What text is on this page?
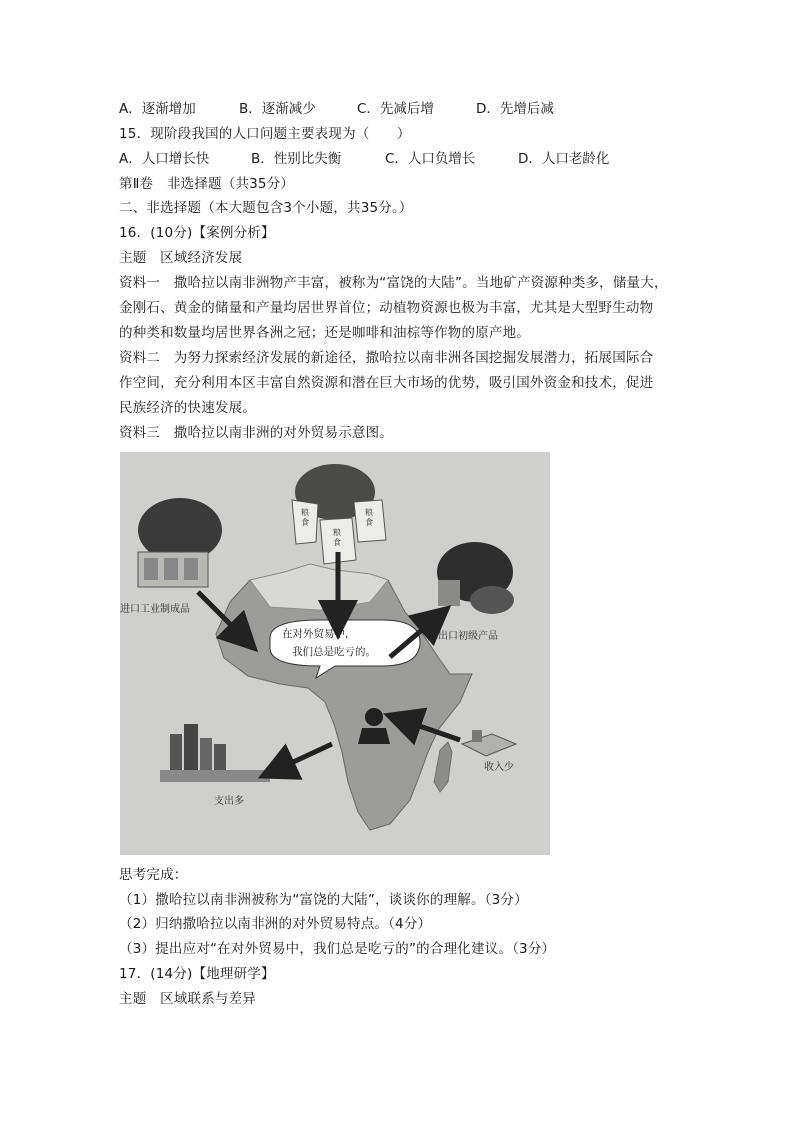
A．逐渐增加	B．逐渐减少	C．先减后增	D．先增后减
15．现阶段我国的人口问题主要表现为（　　）
A．人口增长快	B．性别比失衡	C．人口负增长	D．人口老龄化
第Ⅱ卷　非选择题（共35分）
二、非选择题（本大题包含3个小题，共35分。）
16．(10分)【案例分析】
主题　区域经济发展
资料一　撒哈拉以南非洲物产丰富，被称为“富饶的大陆”。当地矿产资源种类多，储量大，
金刚石、黄金的储量和产量均居世界首位；动植物资源也极为丰富，尤其是大型野生动物
的种类和数量均居世界各洲之冠；还是咖啡和油棕等作物的原产地。
资料二　为努力探索经济发展的新途径，撒哈拉以南非洲各国挖掘发展潜力，拓展国际合
作空间，充分利用本区丰富自然资源和潜在巨大市场的优势，吸引国外资金和技术，促进
民族经济的快速发展。
资料三　撒哈拉以南非洲的对外贸易示意图。
进口工业制成品
出口初级产品
支出多
收入少
粮食
粮食
粮食
在对外贸易中，
我们总是吃亏的。
思考完成：
（1）撒哈拉以南非洲被称为“富饶的大陆”，谈谈你的理解。（3分）
（2）归纳撒哈拉以南非洲的对外贸易特点。（4分）
（3）提出应对“在对外贸易中，我们总是吃亏的”的合理化建议。（3分）
17．(14分)【地理研学】
主题　区域联系与差异
